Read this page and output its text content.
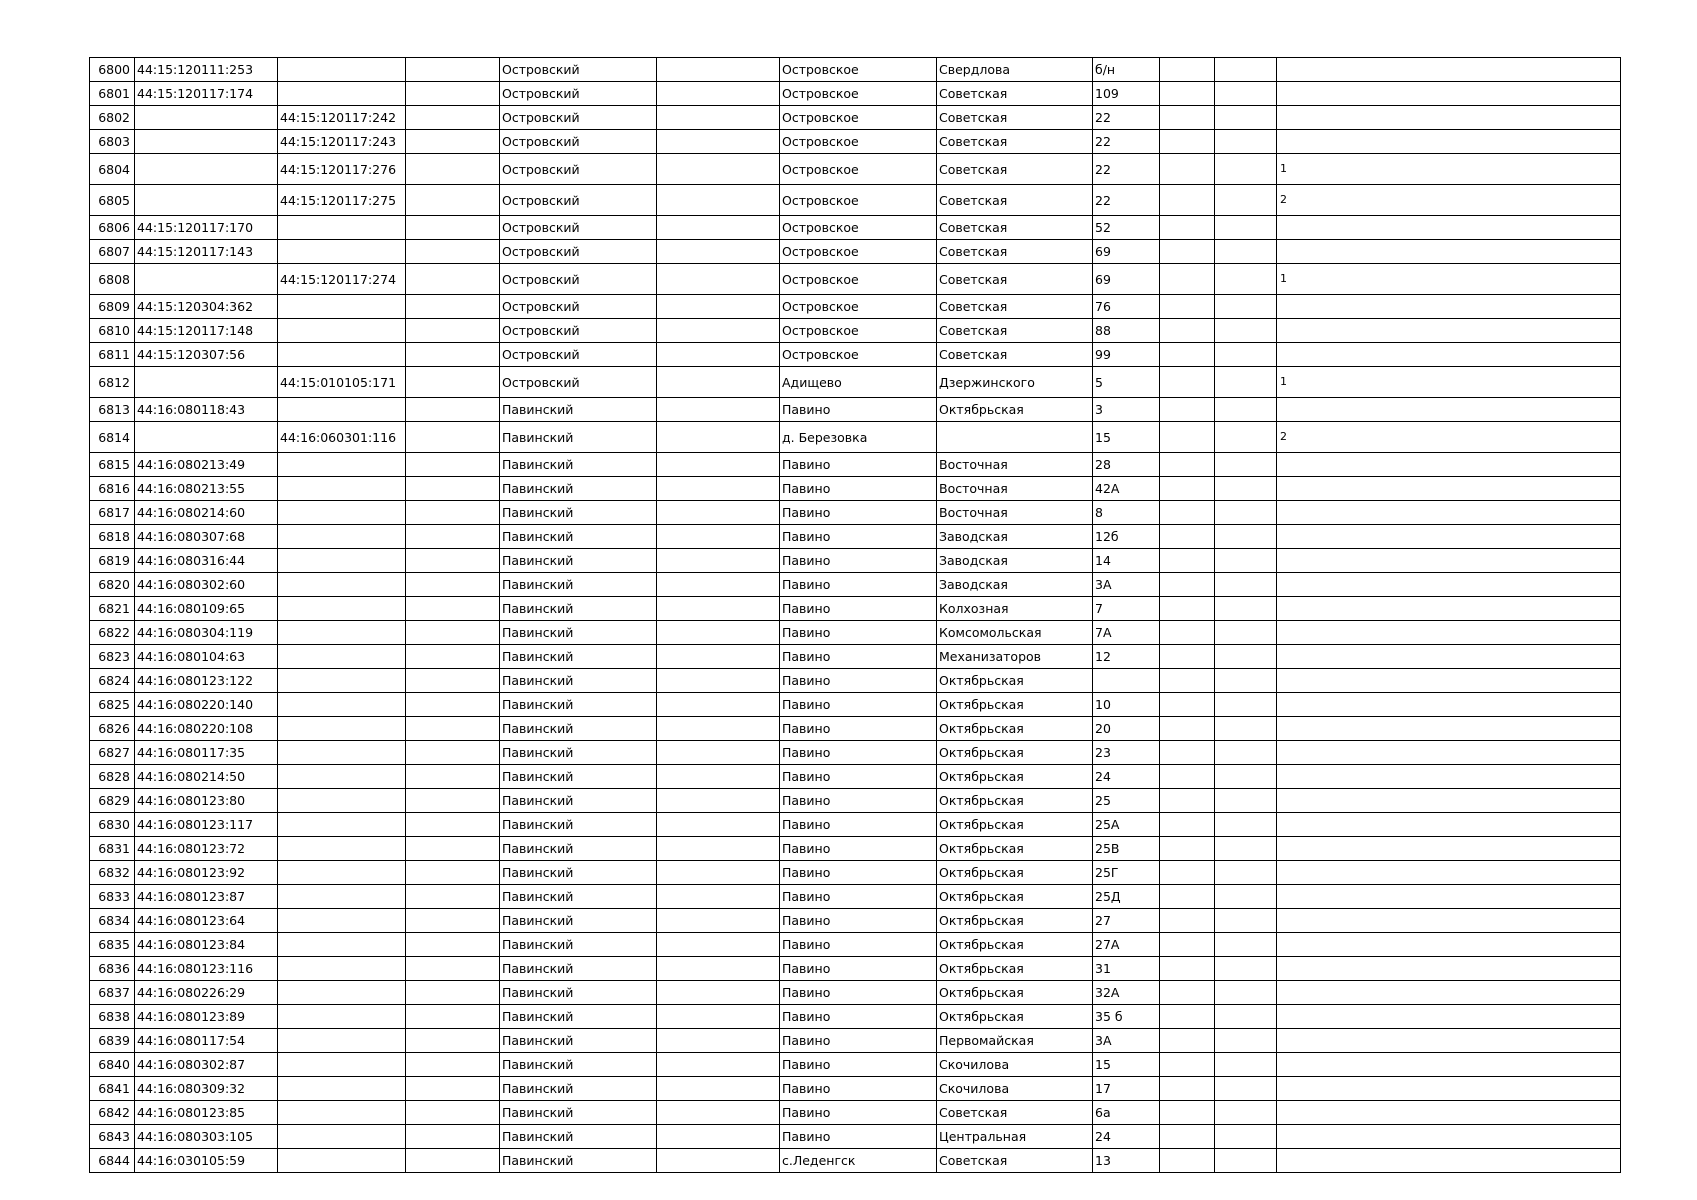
6800	44:15:120111:253			Островский		Островское	Свердлова	б/н			
6801	44:15:120117:174			Островский		Островское	Советская	109			
6802		44:15:120117:242		Островский		Островское	Советская	22			
6803		44:15:120117:243		Островский		Островское	Советская	22			
6804		44:15:120117:276		Островский		Островское	Советская	22			1
6805		44:15:120117:275		Островский		Островское	Советская	22			2
6806	44:15:120117:170			Островский		Островское	Советская	52			
6807	44:15:120117:143			Островский		Островское	Советская	69			
6808		44:15:120117:274		Островский		Островское	Советская	69			1
6809	44:15:120304:362			Островский		Островское	Советская	76			
6810	44:15:120117:148			Островский		Островское	Советская	88			
6811	44:15:120307:56			Островский		Островское	Советская	99			
6812		44:15:010105:171		Островский		Адищево	Дзержинского	5			1
6813	44:16:080118:43			Павинский		Павино	Октябрьская	3			
6814		44:16:060301:116		Павинский		д. Березовка		15			2
6815	44:16:080213:49			Павинский		Павино	Восточная	28			
6816	44:16:080213:55			Павинский		Павино	Восточная	42А			
6817	44:16:080214:60			Павинский		Павино	Восточная	8			
6818	44:16:080307:68			Павинский		Павино	Заводская	12б			
6819	44:16:080316:44			Павинский		Павино	Заводская	14			
6820	44:16:080302:60			Павинский		Павино	Заводская	3А			
6821	44:16:080109:65			Павинский		Павино	Колхозная	7			
6822	44:16:080304:119			Павинский		Павино	Комсомольская	7А			
6823	44:16:080104:63			Павинский		Павино	Механизаторов	12			
6824	44:16:080123:122			Павинский		Павино	Октябрьская				
6825	44:16:080220:140			Павинский		Павино	Октябрьская	10			
6826	44:16:080220:108			Павинский		Павино	Октябрьская	20			
6827	44:16:080117:35			Павинский		Павино	Октябрьская	23			
6828	44:16:080214:50			Павинский		Павино	Октябрьская	24			
6829	44:16:080123:80			Павинский		Павино	Октябрьская	25			
6830	44:16:080123:117			Павинский		Павино	Октябрьская	25А			
6831	44:16:080123:72			Павинский		Павино	Октябрьская	25В			
6832	44:16:080123:92			Павинский		Павино	Октябрьская	25Г			
6833	44:16:080123:87			Павинский		Павино	Октябрьская	25Д			
6834	44:16:080123:64			Павинский		Павино	Октябрьская	27			
6835	44:16:080123:84			Павинский		Павино	Октябрьская	27А			
6836	44:16:080123:116			Павинский		Павино	Октябрьская	31			
6837	44:16:080226:29			Павинский		Павино	Октябрьская	32А			
6838	44:16:080123:89			Павинский		Павино	Октябрьская	35 б			
6839	44:16:080117:54			Павинский		Павино	Первомайская	3А			
6840	44:16:080302:87			Павинский		Павино	Скочилова	15			
6841	44:16:080309:32			Павинский		Павино	Скочилова	17			
6842	44:16:080123:85			Павинский		Павино	Советская	6а			
6843	44:16:080303:105			Павинский		Павино	Центральная	24			
6844	44:16:030105:59			Павинский		с.Леденгск	Советская	13			
